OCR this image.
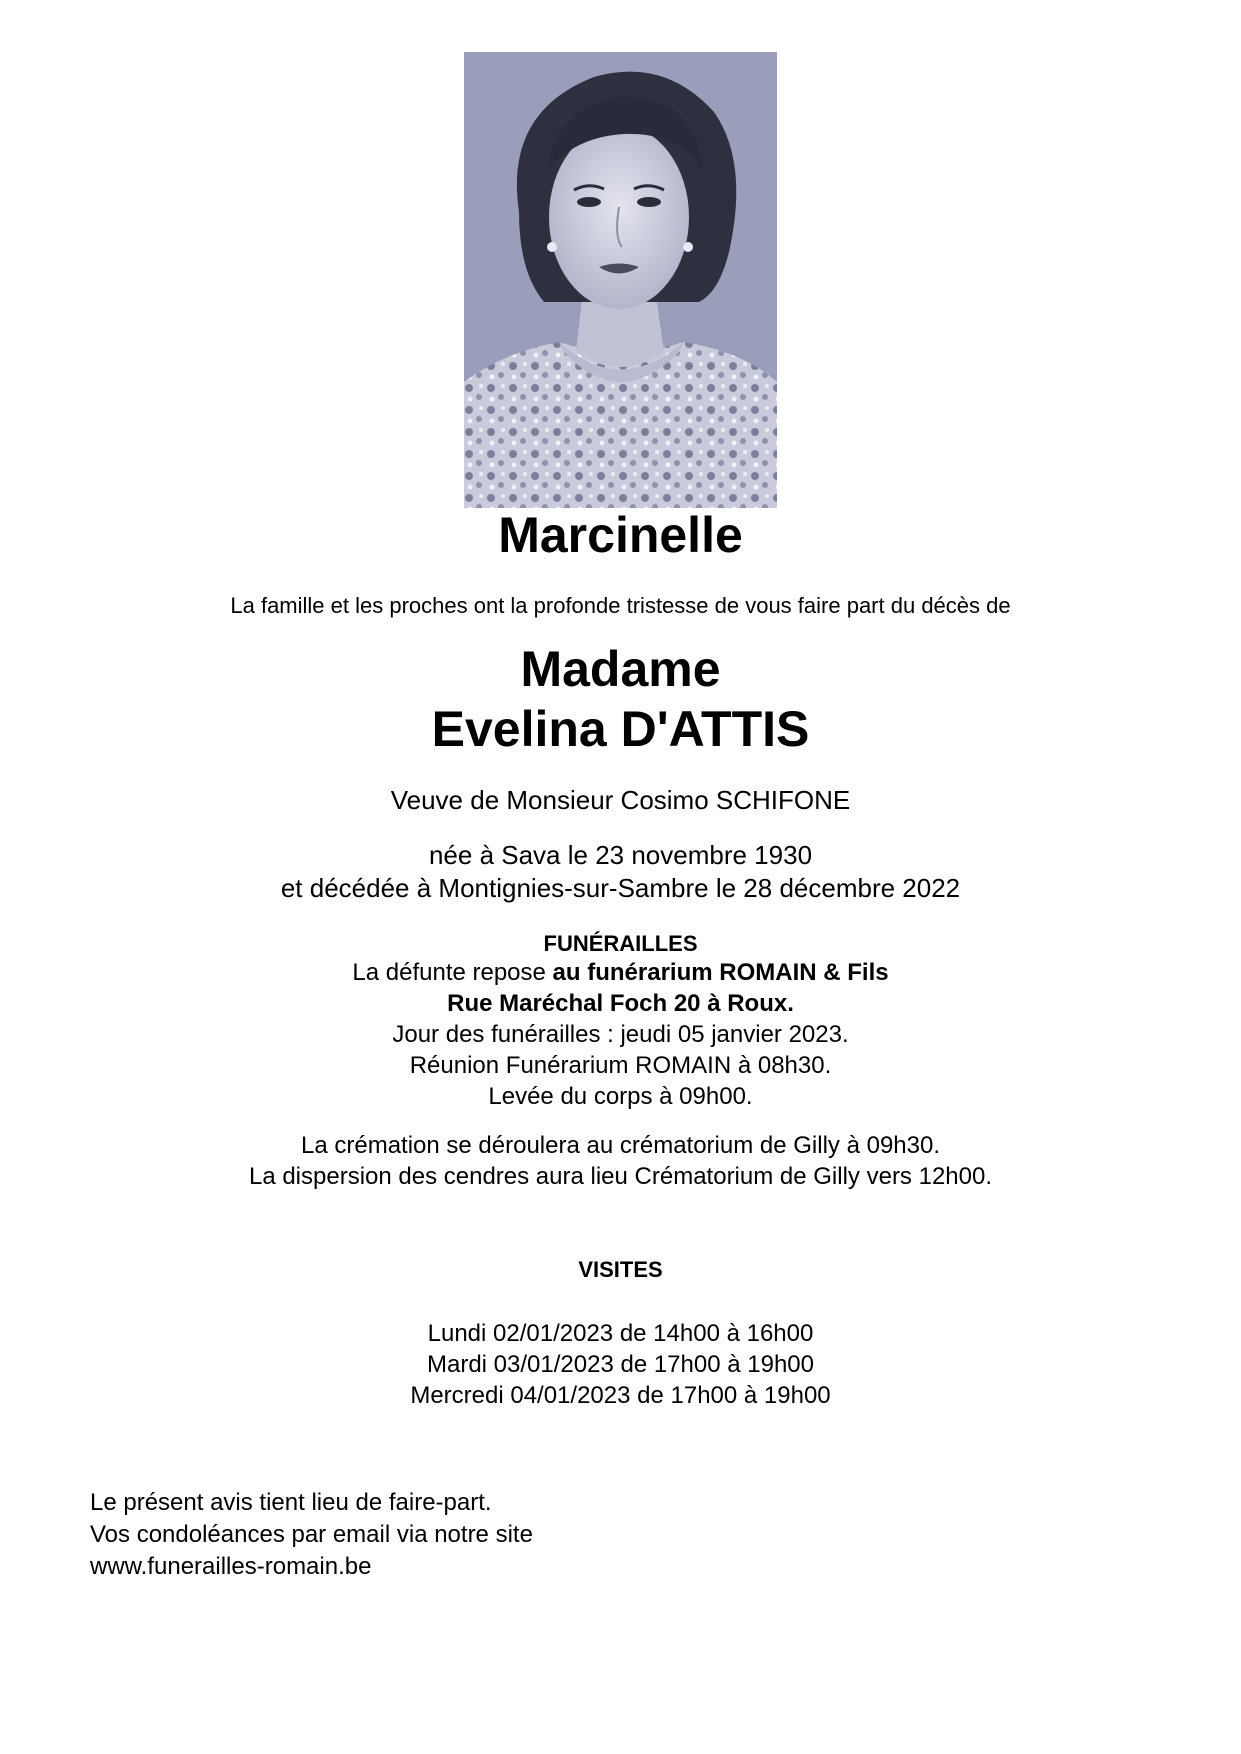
Marcinelle
La famille et les proches ont la profonde tristesse de vous faire part du décès de
Madame
Evelina D'ATTIS
Veuve de Monsieur Cosimo SCHIFONE
née à Sava le 23 novembre 1930
et décédée à Montignies-sur-Sambre le 28 décembre 2022
FUNÉRAILLES
La défunte repose au funérarium ROMAIN & Fils
Rue Maréchal Foch 20 à Roux.
Jour des funérailles : jeudi 05 janvier 2023.
Réunion Funérarium ROMAIN à 08h30.
Levée du corps à 09h00.
La crémation se déroulera au crématorium de Gilly à 09h30.
La dispersion des cendres aura lieu Crématorium de Gilly vers 12h00.
VISITES
Lundi 02/01/2023 de 14h00 à 16h00
Mardi 03/01/2023 de 17h00 à 19h00
Mercredi 04/01/2023 de 17h00 à 19h00
Le présent avis tient lieu de faire-part.
Vos condoléances par email via notre site
www.funerailles-romain.be
